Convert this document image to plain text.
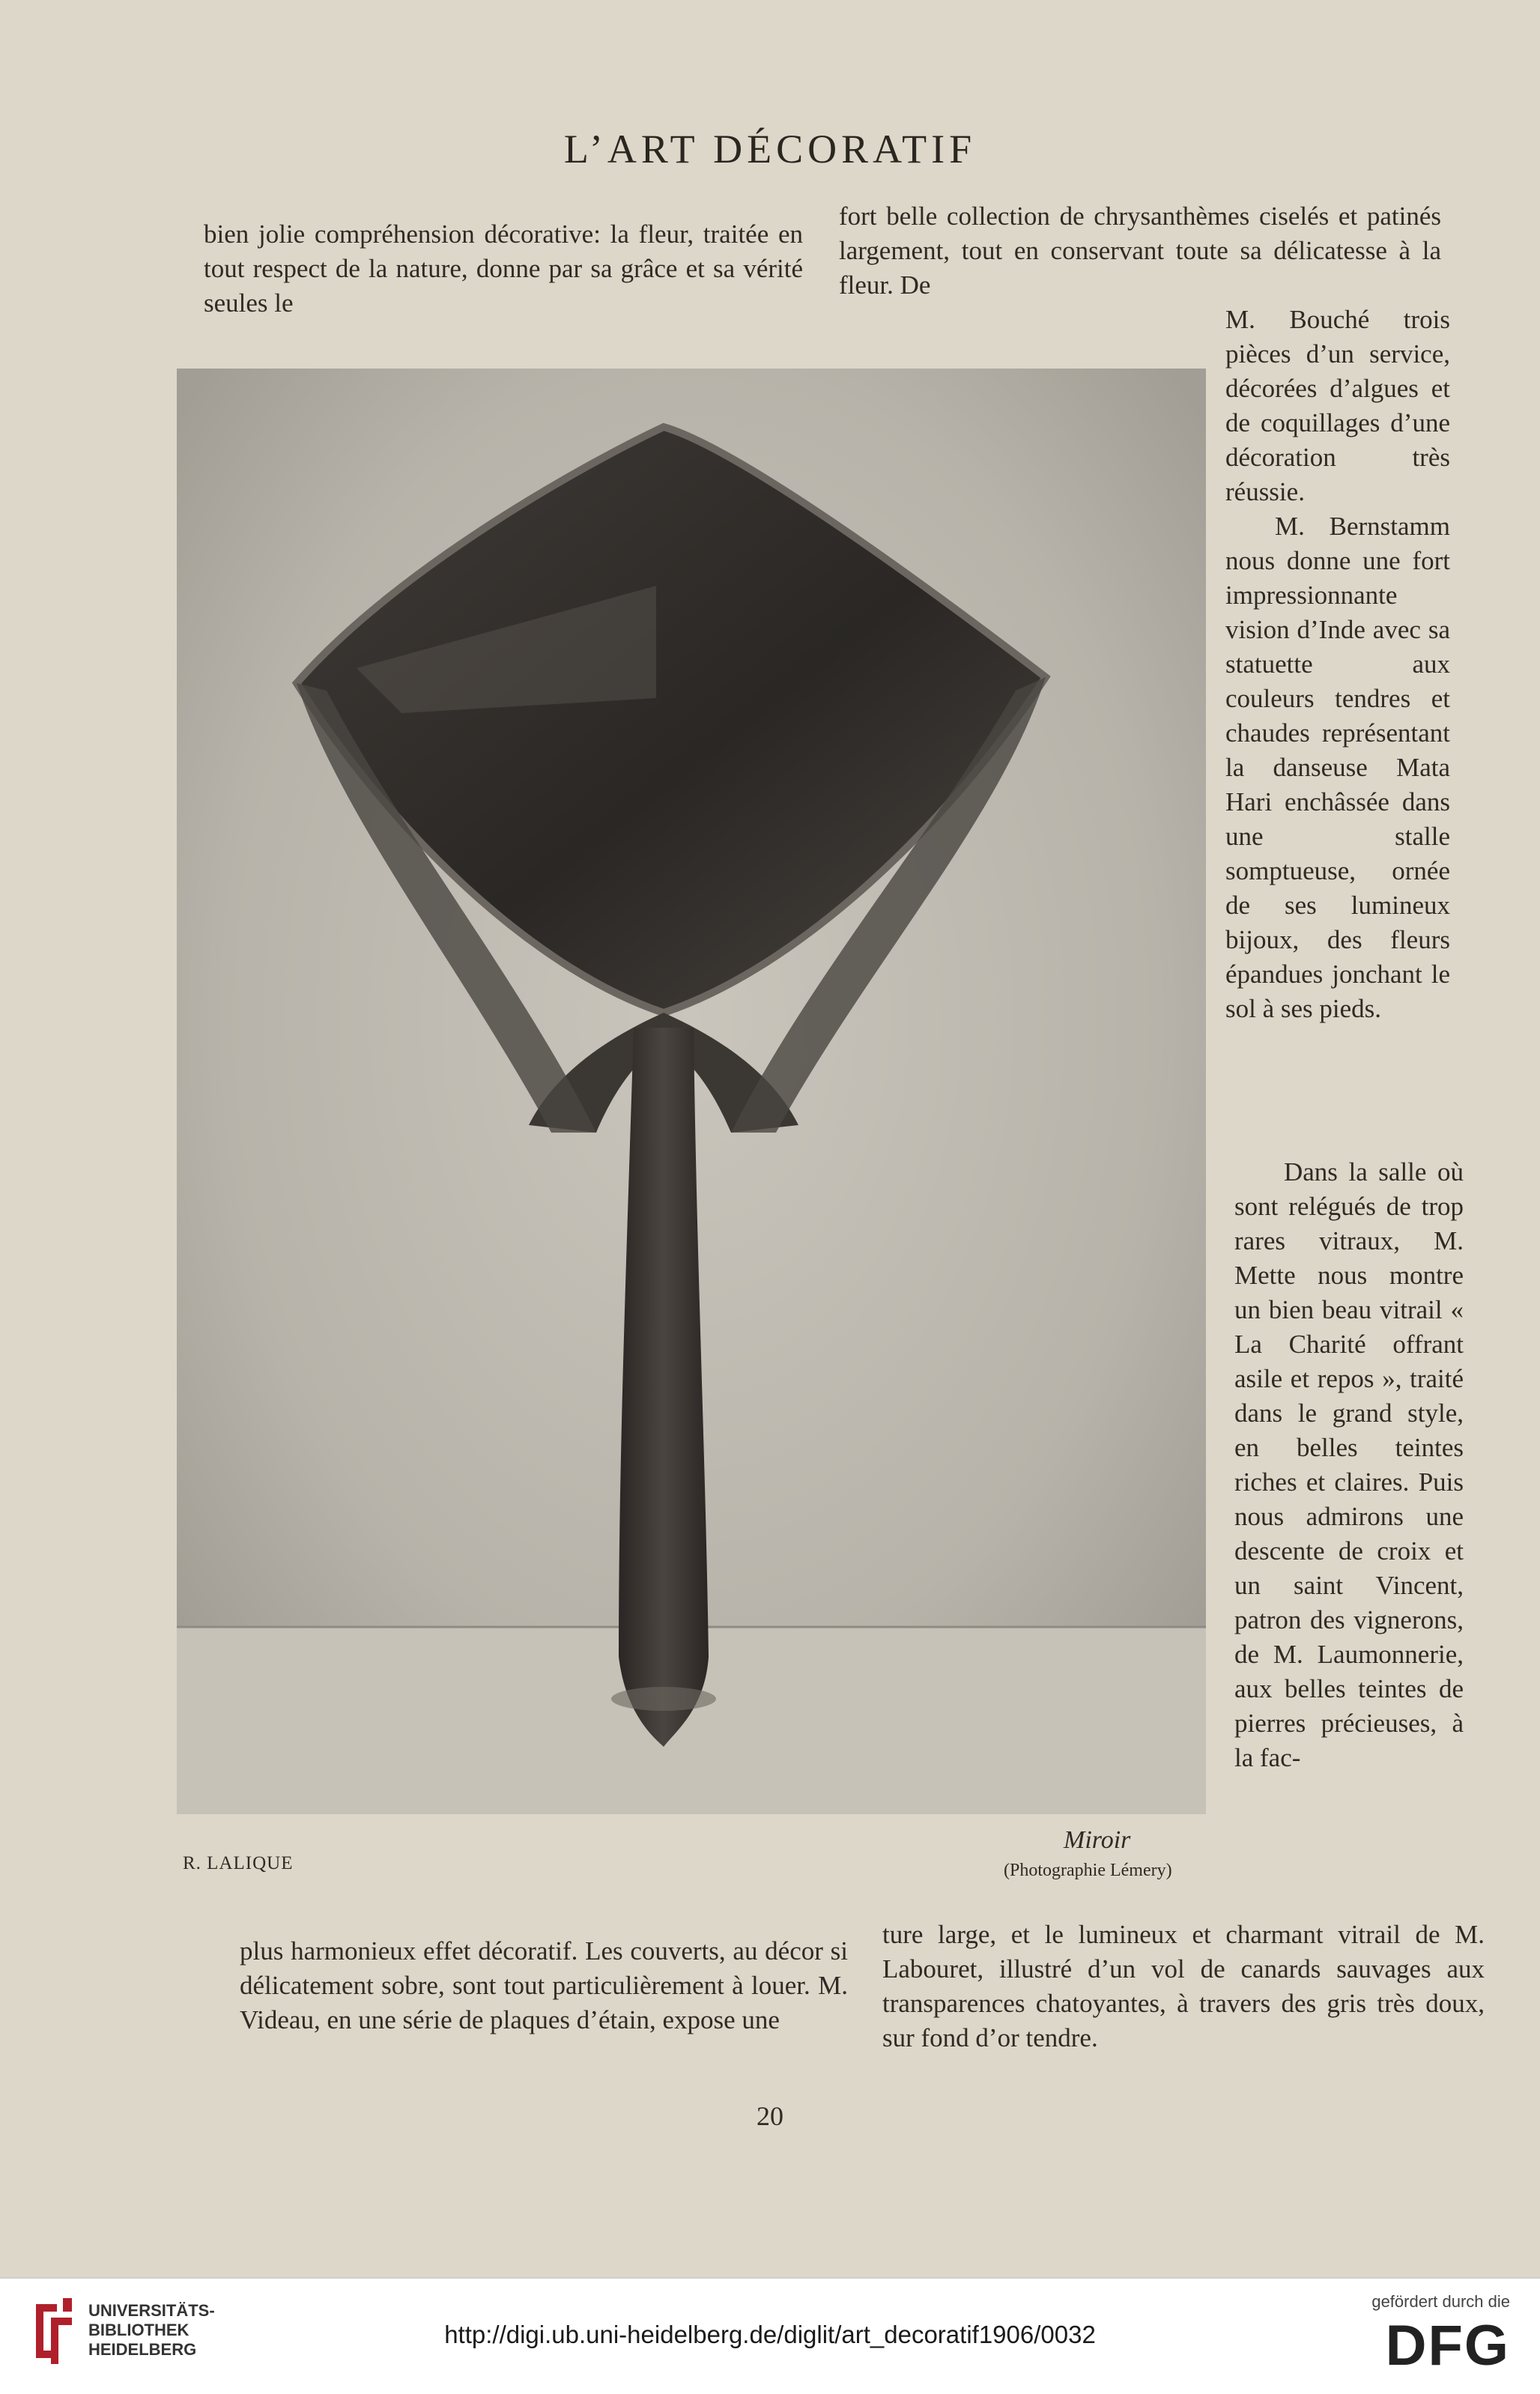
L’ART DÉCORATIF

bien jolie compréhension décorative: la fleur, traitée en tout respect de la nature, donne par sa grâce et sa vérité seules le

fort belle collection de chrysanthèmes ciselés et patinés largement, tout en conservant toute sa délicatesse à la fleur. De

M. Bouché trois pièces d’un service, décorées d’algues et de coquillages d’une décoration très réussie.

M. Bernstamm nous donne une fort impressionnante vision d’Inde avec sa statuette aux couleurs tendres et chaudes représentant la danseuse Mata Hari enchâssée dans une stalle somptueuse, ornée de ses lumineux bijoux, des fleurs épandues jonchant le sol à ses pieds.

Dans la salle où sont relégués de trop rares vitraux, M. Mette nous montre un bien beau vitrail « La Charité offrant asile et repos », traité dans le grand style, en belles teintes riches et claires. Puis nous admirons une descente de croix et un saint Vincent, patron des vignerons, de M. Laumonnerie, aux belles teintes de pierres précieuses, à la fac-

R. LALIQUE
Miroir
(Photographie Lémery)

plus harmonieux effet décoratif. Les couverts, au décor si délicatement sobre, sont tout particulièrement à louer. M. Videau, en une série de plaques d’étain, expose une

ture large, et le lumineux et charmant vitrail de M. Labouret, illustré d’un vol de canards sauvages aux transparences chatoyantes, à travers des gris très doux, sur fond d’or tendre.

20
UNIVERSITÄTS-
BIBLIOTHEK
HEIDELBERG
http://digi.ub.uni-heidelberg.de/diglit/art_decoratif1906/0032
gefördert durch die
DFG
